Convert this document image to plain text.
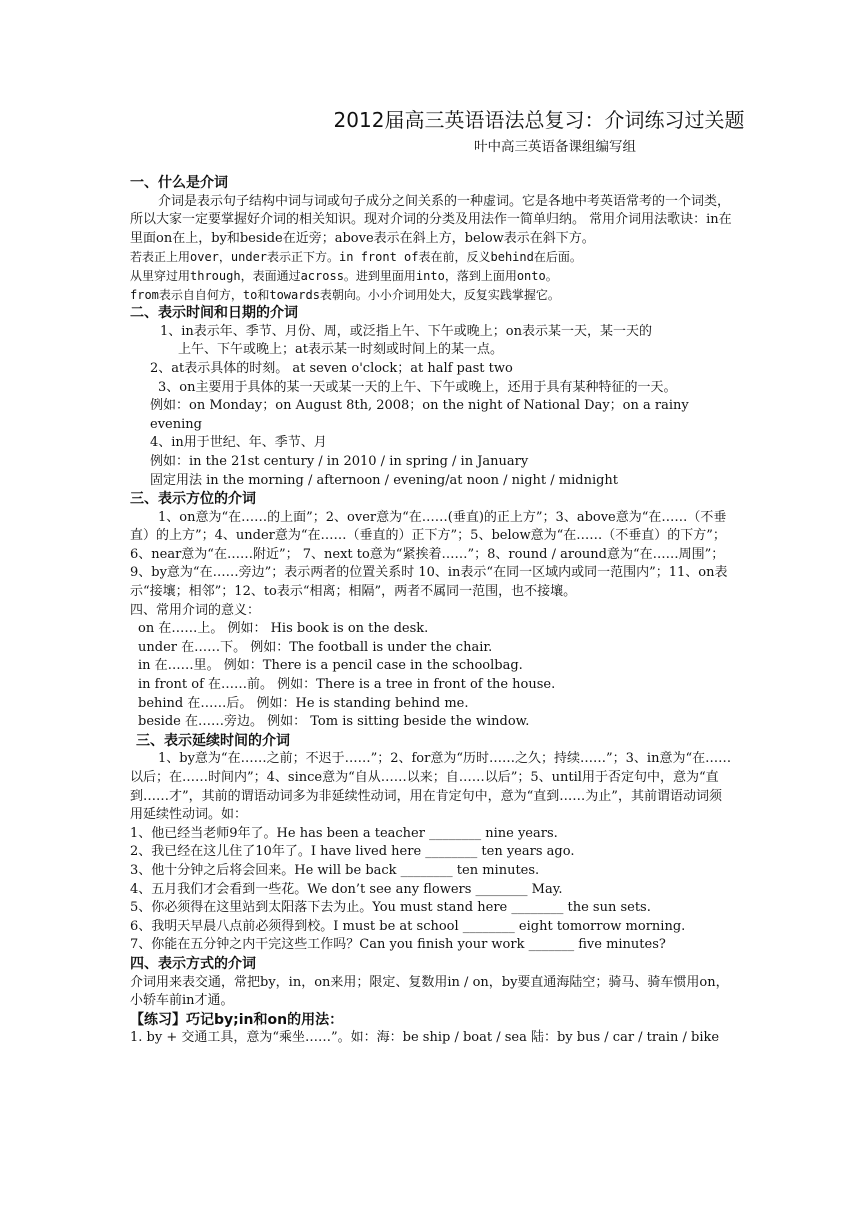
2012届高三英语语法总复习：介词练习过关题
叶中高三英语备课组编写组

一、什么是介词

介词是表示句子结构中词与词或句子成分之间关系的一种虚词。它是各地中考英语常考的一个词类，所以大家一定要掌握好介词的相关知识。现对介词的分类及用法作一简单归纳。 常用介词用法歌诀：in在里面on在上，by和beside在近旁；above表示在斜上方，below表示在斜下方。

若表正上用over，under表示正下方。in front of表在前，反义behind在后面。

从里穿过用through，表面通过across。进到里面用into，落到上面用onto。

from表示自自何方，to和towards表朝向。小小介词用处大，反复实践掌握它。

二、表示时间和日期的介词

1、in表示年、季节、月份、周，或泛指上午、下午或晚上；on表示某一天，某一天的

上午、下午或晚上；at表示某一时刻或时间上的某一点。

2、at表示具体的时刻。 at seven o'clock；at half past two

3、on主要用于具体的某一天或某一天的上午、下午或晚上，还用于具有某种特征的一天。

例如：on Monday；on August 8th, 2008；on the night of National Day；on a rainy evening

4、in用于世纪、年、季节、月

例如：in the 21st century / in 2010 / in spring / in January

固定用法 in the morning / afternoon / evening/at noon / night / midnight

三、表示方位的介词

1、on意为“在……的上面”；2、over意为“在……(垂直)的正上方”；3、above意为“在……（不垂直）的上方”；4、under意为“在……（垂直的）正下方”；5、below意为“在……（不垂直）的下方”；6、near意为“在……附近”； 7、next to意为“紧挨着……”；8、round / around意为“在……周围”；9、by意为“在……旁边”；表示两者的位置关系时 10、in表示“在同一区域内或同一范围内”；11、on表示“接壤；相邻”；12、to表示“相离；相隔”，两者不属同一范围，也不接壤。

四、常用介词的意义：

on 在……上。 例如： His book is on the desk.

under 在……下。 例如：The football is under the chair.

in 在……里。 例如：There is a pencil case in the schoolbag.

in front of 在……前。 例如：There is a tree in front of the house.

behind 在……后。 例如：He is standing behind me.

beside 在……旁边。 例如： Tom is sitting beside the window.

三、表示延续时间的介词

1、by意为“在……之前；不迟于……”；2、for意为“历时……之久；持续……”；3、in意为“在……以后；在……时间内”；4、since意为“自从……以来；自……以后”；5、until用于否定句中，意为“直到……才”，其前的谓语动词多为非延续性动词，用在肯定句中，意为“直到……为止”，其前谓语动词须用延续性动词。如：

1、他已经当老师9年了。He has been a teacher ________ nine years.

2、我已经在这儿住了10年了。I have lived here ________ ten years ago.

3、他十分钟之后将会回来。He will be back ________ ten minutes.

4、五月我们才会看到一些花。We don’t see any flowers ________ May.

5、你必须得在这里站到太阳落下去为止。You must stand here ________ the sun sets.

6、我明天早晨八点前必须得到校。I must be at school ________ eight tomorrow morning.

7、你能在五分钟之内干完这些工作吗？Can you finish your work _______ five minutes?

四、表示方式的介词

介词用来表交通，常把by，in，on来用；限定、复数用in / on，by要直通海陆空；骑马、骑车惯用on，小轿车前in才通。

【练习】巧记by;in和on的用法：

1. by + 交通工具，意为“乘坐……”。如：海：be ship / boat / sea 陆：by bus / car / train / bike
